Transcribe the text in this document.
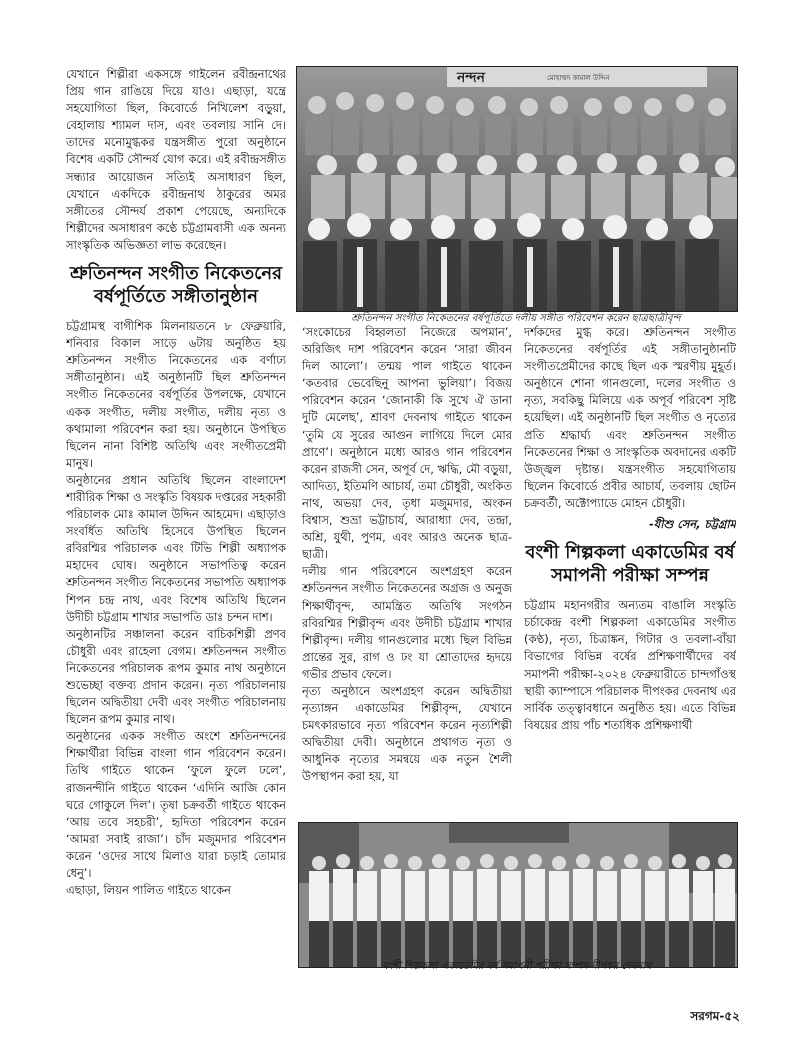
যেখানে শিল্পীরা একসঙ্গে গাইলেন রবীন্দ্রনাথের প্রিয় গান রাঙিয়ে দিয়ে যাও। এছাড়া, যন্ত্রে সহযোগিতা ছিল, কিবোর্ডে নিখিলেশ বড়ুয়া, বেহালায় শ্যামল দাস, এবং তবলায় সানি দে। তাদের মনোমুগ্ধকর যন্ত্রসঙ্গীত পুরো অনুষ্ঠানে বিশেষ একটি সৌন্দর্য যোগ করে। এই রবীন্দ্রসঙ্গীত সন্ধ্যার আয়োজন সত্যিই অসাধারণ ছিল, যেখানে একদিকে রবীন্দ্রনাথ ঠাকুরের অমর সঙ্গীতের সৌন্দর্য প্রকাশ পেয়েছে, অন্যদিকে শিল্পীদের অসাধারণ কণ্ঠে চট্টগ্রামবাসী এক অনন্য সাংস্কৃতিক অভিজ্ঞতা লাভ করেছেন।

শ্রুতিনন্দন সংগীত নিকেতনের বর্ষপূর্তিতে সঙ্গীতানুষ্ঠান

চট্টগ্রামস্থ বাগীশিক মিলনায়তনে ৮ ফেব্রুয়ারি, শনিবার বিকাল সাড়ে ৬টায় অনুষ্ঠিত হয় শ্রুতিনন্দন সংগীত নিকেতনের এক বর্ণাঢ্য সঙ্গীতানুষ্ঠান। এই অনুষ্ঠানটি ছিল শ্রুতিনন্দন সংগীত নিকেতনের বর্ষপূর্তির উপলক্ষে, যেখানে একক সংগীত, দলীয় সংগীত, দলীয় নৃত্য ও কথামালা পরিবেশন করা হয়। অনুষ্ঠানে উপস্থিত ছিলেন নানা বিশিষ্ট অতিথি এবং সংগীতপ্রেমী মানুষ।

অনুষ্ঠানের প্রধান অতিথি ছিলেন বাংলাদেশ শারীরিক শিক্ষা ও সংস্কৃতি বিষয়ক দপ্তরের সহকারী পরিচালক মোঃ কামাল উদ্দিন আহমেদ। এছাড়াও সংবর্ধিত অতিথি হিসেবে উপস্থিত ছিলেন রবিরশ্মির পরিচালক এবং টিভি শিল্পী অধ্যাপক মহাদেব ঘোষ। অনুষ্ঠানে সভাপতিত্ব করেন শ্রুতিনন্দন সংগীত নিকেতনের সভাপতি অধ্যাপক শিপন চন্দ্র নাথ, এবং বিশেষ অতিথি ছিলেন উদীচী চট্টগ্রাম শাখার সভাপতি ডাঃ চন্দন দাশ।

অনুষ্ঠানটির সঞ্চালনা করেন বাচিকশিল্পী প্রণব চৌধুরী এবং রাহেলা বেগম। শ্রুতিনন্দন সংগীত নিকেতনের পরিচালক রূপম কুমার নাথ অনুষ্ঠানে শুভেচ্ছা বক্তব্য প্রদান করেন। নৃত্য পরিচালনায় ছিলেন অদ্বিতীয়া দেবী এবং সংগীত পরিচালনায় ছিলেন রূপম কুমার নাথ।

অনুষ্ঠানের একক সংগীত অংশে শ্রুতিনন্দনের শিক্ষার্থীরা বিভিন্ন বাংলা গান পরিবেশন করেন। তিথি গাইতে থাকেন ‘ফুলে ফুলে ঢলে’, রাজনন্দীনি গাইতে থাকেন ‘এদিনি আজি কোন ঘরে গোকুলে দিল’। তৃষা চক্রবর্তী গাইতে থাকেন ‘আয় তবে সহচরী’, হৃদিতা পরিবেশন করেন ‘আমরা সবাই রাজা’। চাঁদ মজুমদার পরিবেশন করেন ‘ওদের সাথে মিলাও যারা চড়াই তোমার ধেনু’।

এছাড়া, লিয়ন পালিত গাইতে থাকেন

নন্দন	মোহাম্মদ কামাল উদ্দিন
শ্রুতিনন্দন সংগীত নিকেতনের বর্ষপূর্তিতে দলীয় সঙ্গীত পরিবেশন করেন ছাত্রছাত্রীবৃন্দ

‘সংকোচের বিহ্বলতা নিজেরে অপমান’, অরিজিৎ দাশ পরিবেশন করেন ‘সারা জীবন দিল আলো’। তন্ময় পাল গাইতে থাকেন ‘কতবার ভেবেছিনু আপনা ভুলিয়া’। বিজয় পরিবেশন করেন ‘জোনাকী কি সুখে ঐ ডানা দুটি মেলেছ’, শ্রাবণ দেবনাথ গাইতে থাকেন ‘তুমি যে সুরের আগুন লাগিয়ে দিলে মোর প্রাণে’। অনুষ্ঠানে মধ্যে আরও গান পরিবেশন করেন রাজসী সেন, অপূর্ব দে, ঋদ্ধি, মৌ বড়ুয়া, আদিত্য, ইতিমণি আচার্য, তমা চৌধুরী, অংকিত নাথ, অভয়া দেব, তৃধা মজুমদার, অংকন বিশ্বাস, শুভ্রা ভট্টাচার্য, আরাধ্যা দেব, তন্দ্রা, অশ্রি, যুথী, পুণম, এবং আরও অনেক ছাত্র-ছাত্রী।

দলীয় গান পরিবেশনে অংশগ্রহণ করেন শ্রুতিনন্দন সংগীত নিকেতনের অগ্রজ ও অনুজ শিক্ষার্থীবৃন্দ, আমন্ত্রিত অতিথি সংগঠন রবিরশ্মির শিল্পীবৃন্দ এবং উদীচী চট্টগ্রাম শাখার শিল্পীবৃন্দ। দলীয় গানগুলোর মধ্যে ছিল বিভিন্ন প্রান্তের সুর, রাগ ও ঢং যা শ্রোতাদের হৃদয়ে গভীর প্রভাব ফেলে।

নৃত্য অনুষ্ঠানে অংশগ্রহণ করেন অদ্বিতীয়া নৃত্যাঙ্গন একাডেমির শিল্পীবৃন্দ, যেখানে চমৎকারভাবে নৃত্য পরিবেশন করেন নৃত্যশিল্পী অদ্বিতীয়া দেবী। অনুষ্ঠানে প্রথাগত নৃত্য ও আধুনিক নৃত্যের সমন্বয়ে এক নতুন শৈলী উপস্থাপন করা হয়, যা

দর্শকদের মুগ্ধ করে। শ্রুতিনন্দন সংগীত নিকেতনের বর্ষপূর্তির এই সঙ্গীতানুষ্ঠানটি সংগীতপ্রেমীদের কাছে ছিল এক স্মরণীয় মুহূর্ত। অনুষ্ঠানে শোনা গানগুলো, দলের সংগীত ও নৃত্য, সবকিছু মিলিয়ে এক অপূর্ব পরিবেশ সৃষ্টি হয়েছিল। এই অনুষ্ঠানটি ছিল সংগীত ও নৃত্যের প্রতি শ্রদ্ধার্ঘ্য এবং শ্রুতিনন্দন সংগীত নিকেতনের শিক্ষা ও সাংস্কৃতিক অবদানের একটি উজ্জ্বল দৃষ্টান্ত। যন্ত্রসংগীত সহযোগিতায় ছিলেন কিবোর্ডে প্রবীর আচার্য, তবলায় ছোটন চক্রবর্তী, অক্টোপ্যাডে মোহন চৌধুরী।

-যীশু সেন, চট্টগ্রাম
বংশী শিল্পকলা একাডেমির বর্ষ সমাপনী পরীক্ষা সম্পন্ন

চট্টগ্রাম মহানগরীর অন্যতম বাঙালি সংস্কৃতি চর্চাকেন্দ্র বংশী শিল্পকলা একাডেমির সংগীত (কণ্ঠ), নৃত্য, চিত্রাঙ্কন, গিটার ও তবলা-বাঁয়া বিভাগের বিভিন্ন বর্ষের প্রশিক্ষণার্থীদের বর্ষ সমাপনী পরীক্ষা-২০২৪ ফেব্রুয়ারীতে চান্দগাঁওস্থ স্থায়ী ক্যাম্পাসে পরিচালক দীপংকর দেবনাথ এর সার্বিক তত্ত্বাবধানে অনুষ্ঠিত হয়। এতে বিভিন্ন বিষয়ের প্রায় পাঁচ শতাধিক প্রশিক্ষণার্থী

বংশী শিল্পকলা একাডেমির বর্ষ সমাপনী পরীক্ষা সম্পন্ন-দীপঙ্কর দেবনাথ
সরগম-৫২
